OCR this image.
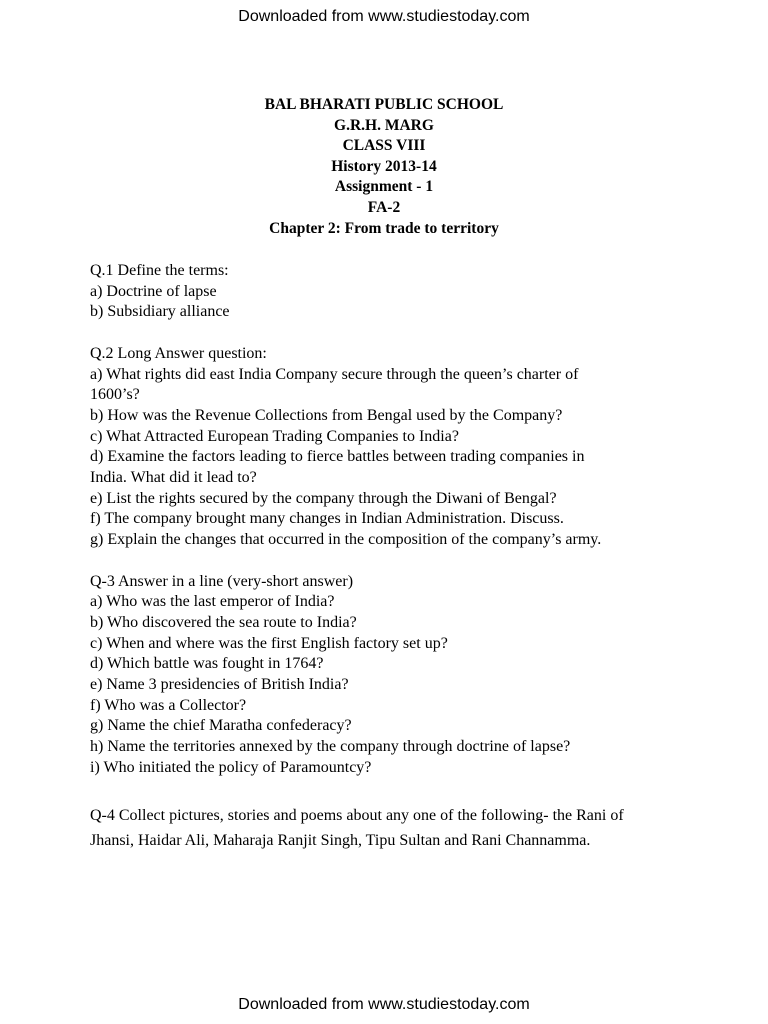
Downloaded from www.studiestoday.com
BAL BHARATI PUBLIC SCHOOL
G.R.H. MARG
CLASS VIII
History 2013-14
Assignment - 1
FA-2
Chapter 2: From trade to territory
Q.1 Define the terms:
a) Doctrine of lapse
b) Subsidiary alliance
Q.2 Long Answer question:
a) What rights did east India Company secure through the queen’s charter of
1600’s?
b) How was the Revenue Collections from Bengal used by the Company?
c) What Attracted European Trading Companies to India?
d) Examine the factors leading to fierce battles between trading companies in
India. What did it lead to?
e) List the rights secured by the company through the Diwani of Bengal?
f) The company brought many changes in Indian Administration. Discuss.
g) Explain the changes that occurred in the composition of the company’s army.
Q-3 Answer in a line (very-short answer)
a) Who was the last emperor of India?
b) Who discovered the sea route to India?
c) When and where was the first English factory set up?
d) Which battle was fought in 1764?
e) Name 3 presidencies of British India?
f) Who was a Collector?
g) Name the chief Maratha confederacy?
h) Name the territories annexed by the company through doctrine of lapse?
i) Who initiated the policy of Paramountcy?
Q-4 Collect pictures, stories and poems about any one of the following- the Rani of
Jhansi, Haidar Ali, Maharaja Ranjit Singh, Tipu Sultan and Rani Channamma.
Downloaded from www.studiestoday.com
